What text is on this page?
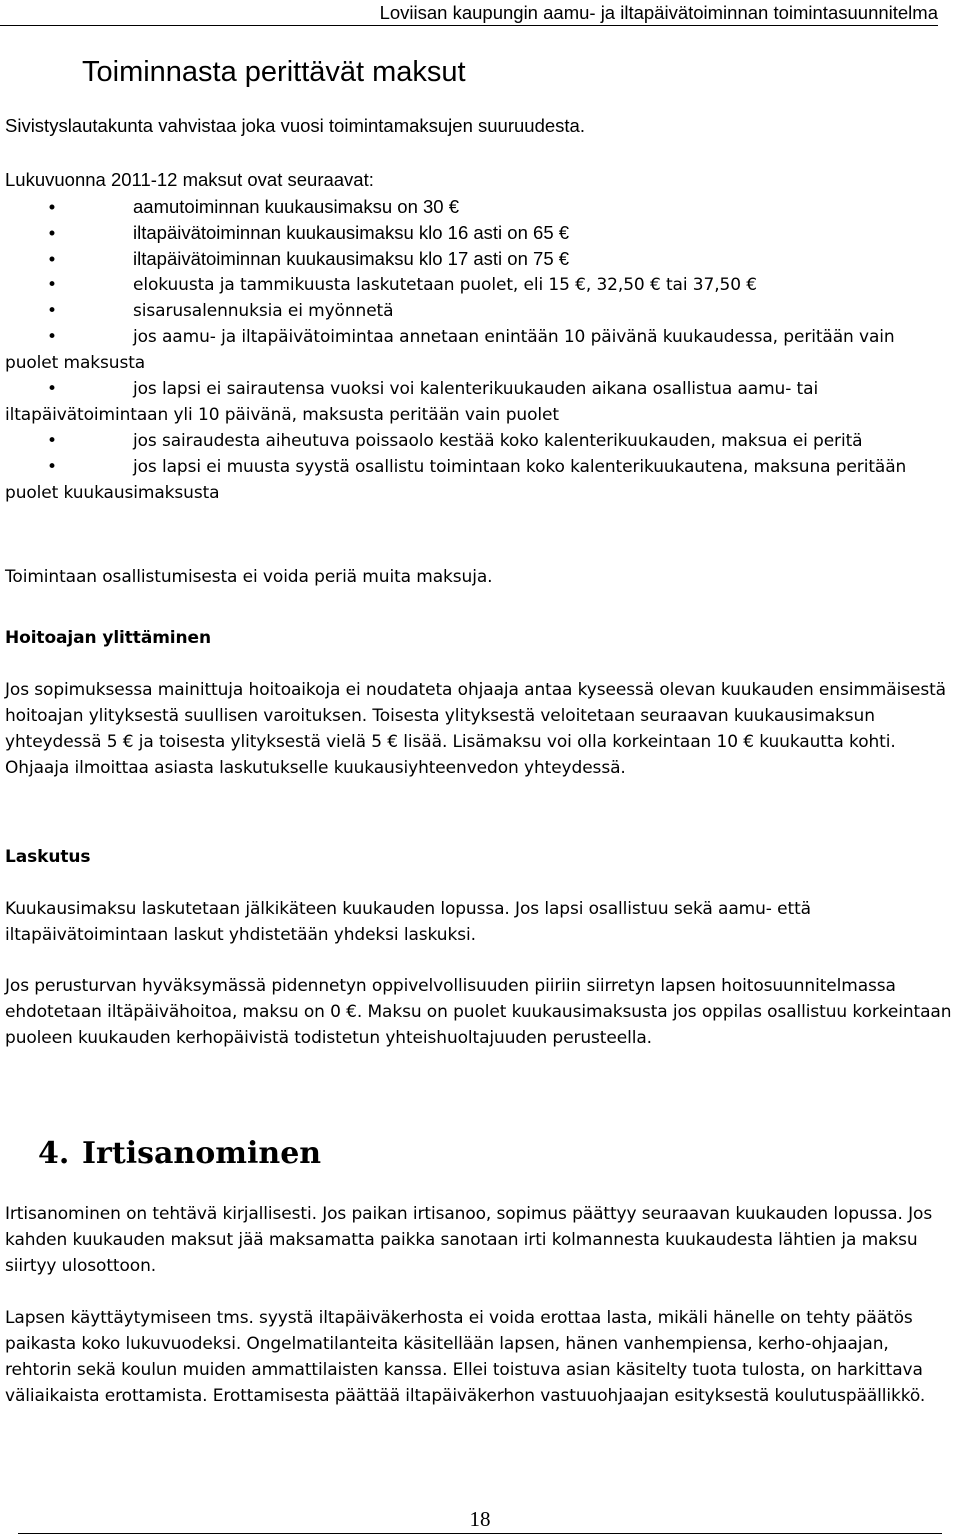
Loviisan kaupungin aamu- ja iltapäivätoiminnan toimintasuunnitelma
Toiminnasta perittävät maksut

Sivistyslautakunta vahvistaa joka vuosi toimintamaksujen suuruudesta.

Lukuvuonna 2011-12 maksut ovat seuraavat:

•	aamutoiminnan kuukausimaksu on 30 €
•	iltapäivätoiminnan kuukausimaksu klo 16 asti on 65 €
•	iltapäivätoiminnan kuukausimaksu klo 17 asti on 75 €
•	elokuusta ja tammikuusta laskutetaan puolet, eli 15 €, 32,50 € tai 37,50 €
•	sisarusalennuksia ei myönnetä
•	jos aamu- ja iltapäivätoimintaa annetaan enintään 10 päivänä kuukaudessa, peritään vain puolet maksusta
•	jos lapsi ei sairautensa vuoksi voi kalenterikuukauden aikana osallistua aamu- tai iltapäivätoimintaan yli 10 päivänä, maksusta peritään vain puolet
•	jos sairaudesta aiheutuva poissaolo kestää koko kalenterikuukauden, maksua ei peritä
•	jos lapsi ei muusta syystä osallistu toimintaan koko kalenterikuukautena, maksuna peritään puolet kuukausimaksusta

Toimintaan osallistumisesta ei voida periä muita maksuja.

Hoitoajan ylittäminen

Jos sopimuksessa mainittuja hoitoaikoja ei noudateta ohjaaja antaa kyseessä olevan kuukauden ensimmäisestä hoitoajan ylityksestä suullisen varoituksen. Toisesta ylityksestä veloitetaan seuraavan kuukausimaksun yhteydessä 5 € ja toisesta ylityksestä vielä 5 € lisää. Lisämaksu voi olla korkeintaan 10 € kuukautta kohti. Ohjaaja ilmoittaa asiasta laskutukselle kuukausiyhteenvedon yhteydessä.

Laskutus

Kuukausimaksu laskutetaan jälkikäteen kuukauden lopussa. Jos lapsi osallistuu sekä aamu- että iltapäivätoimintaan laskut yhdistetään yhdeksi laskuksi.

Jos perusturvan hyväksymässä pidennetyn oppivelvollisuuden piiriin siirretyn lapsen hoitosuunnitelmassa ehdotetaan iltäpäivähoitoa, maksu on 0 €. Maksu on puolet kuukausimaksusta jos oppilas osallistuu korkeintaan puoleen kuukauden kerhopäivistä todistetun yhteishuoltajuuden perusteella.

4. Irtisanominen

Irtisanominen on tehtävä kirjallisesti. Jos paikan irtisanoo, sopimus päättyy seuraavan kuukauden lopussa. Jos kahden kuukauden maksut jää maksamatta paikka sanotaan irti kolmannesta kuukaudesta lähtien ja maksu siirtyy ulosottoon.

Lapsen käyttäytymiseen tms. syystä iltapäiväkerhosta ei voida erottaa lasta, mikäli hänelle on tehty päätös paikasta koko lukuvuodeksi. Ongelmatilanteita käsitellään lapsen, hänen vanhempiensa, kerho-ohjaajan, rehtorin sekä koulun muiden ammattilaisten kanssa. Ellei toistuva asian käsitelty tuota tulosta, on harkittava väliaikaista erottamista. Erottamisesta päättää iltapäiväkerhon vastuuohjaajan esityksestä koulutuspäällikkö.

18
